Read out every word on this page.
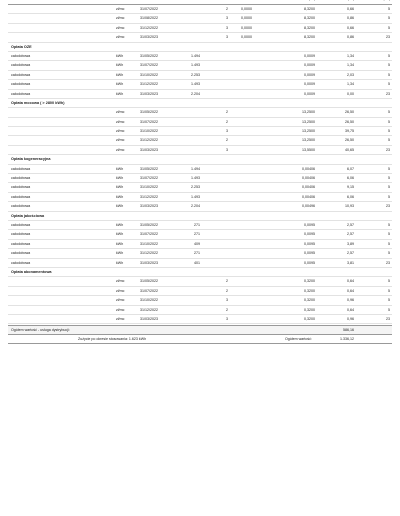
zł/mc	31/07/2022	2	0,0000	8,3200	0,66	5
zł/mc	31/08/2022	3	0,0000	8,3200	0,86	5
zł/mc	31/12/2022	3	0,0000	8,3200	0,66	5
zł/mc	31/03/2023	3	0,0000	8,3200	0,86	23
Opłata OZE
całodobowa	kWh	31/05/2022	1.494	0,0009	1,34	5
całodobowa	kWh	31/07/2022	1.493	0,0009	1,34	5
całodobowa	kWh	31/10/2022	2.253	0,0009	2,03	5
całodobowa	kWh	31/12/2022	1.493	0,0009	1,34	5
całodobowa	kWh	31/03/2023	2.204	0,0009	0,00	23
Opłata mocowa ( > 2800 kWh)
zł/mc	31/05/2022	2	13,2500	26,50	5
zł/mc	31/07/2022	2	13,2500	26,50	5
zł/mc	31/10/2022	3	13,2500	39,75	5
zł/mc	31/12/2022	2	13,2500	26,50	5
zł/mc	31/03/2023	3	13,5500	40,65	23
Opłata kogeneracyjna
całodobowa	kWh	31/05/2022	1.494	0,00406	6,07	5
całodobowa	kWh	31/07/2022	1.493	0,00406	6,06	5
całodobowa	kWh	31/10/2022	2.253	0,00406	9,15	5
całodobowa	kWh	31/12/2022	1.493	0,00406	6,06	5
całodobowa	kWh	31/03/2023	2.204	0,00496	10,93	23
Opłata jakościowa
całodobowa	kWh	31/05/2022	271	0,0095	2,57	5
całodobowa	kWh	31/07/2022	271	0,0095	2,57	5
całodobowa	kWh	31/10/2022	409	0,0095	3,89	5
całodobowa	kWh	31/12/2022	271	0,0095	2,57	5
całodobowa	kWh	31/03/2023	401	0,0095	3,81	23
Opłata abonamentowa
zł/mc	31/05/2022	2	0,3200	0,64	5
zł/mc	31/07/2022	2	0,3200	0,64	5
zł/mc	31/10/2022	3	0,3200	0,96	5
zł/mc	31/12/2022	2	0,3200	0,64	5
zł/mc	31/03/2023	3	0,3200	0,96	23
Ogółem wartość - usługa dystrybucji:	586,16
Zużycie po okresie stosowania: 1.623 kWh	Ogółem wartość:	1.336,12
